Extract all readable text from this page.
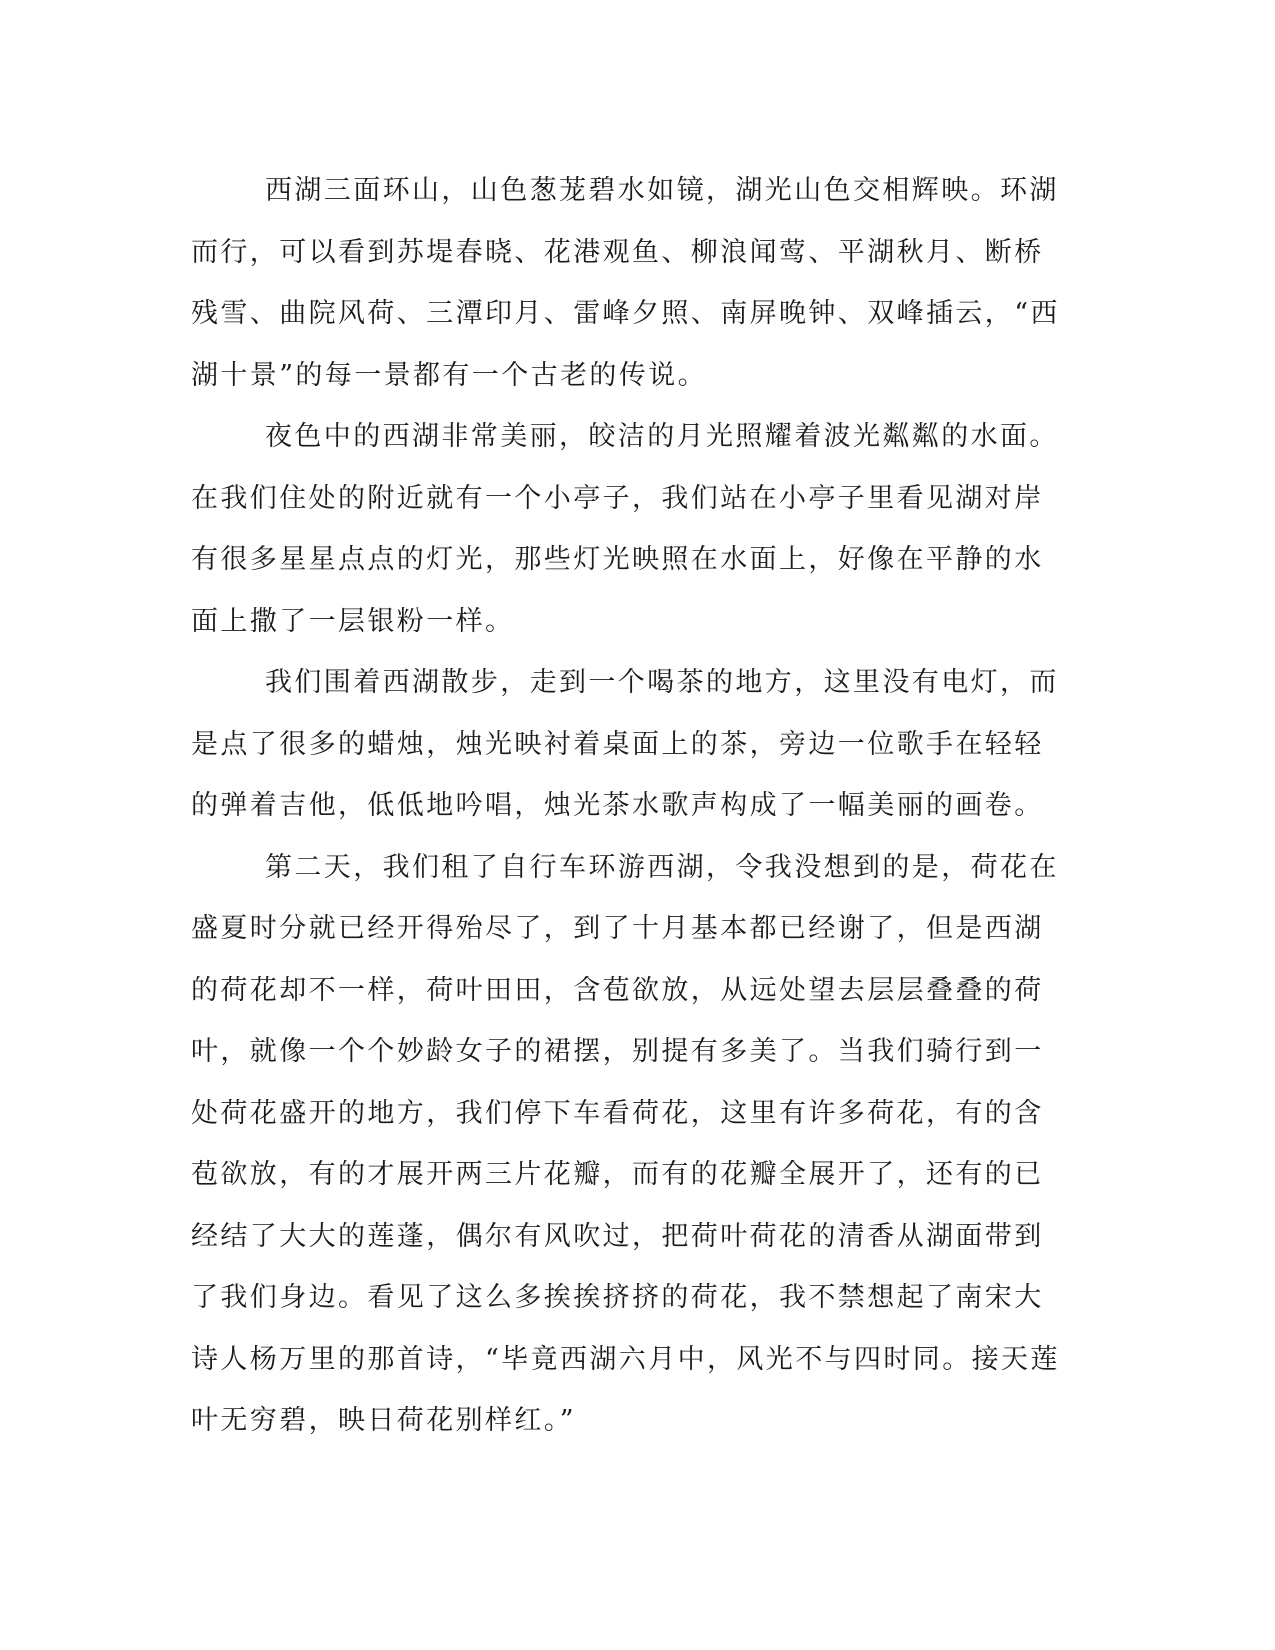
西湖三面环山，山色葱茏碧水如镜，湖光山色交相辉映。环湖而行，可以看到苏堤春晓、花港观鱼、柳浪闻莺、平湖秋月、断桥残雪、曲院风荷、三潭印月、雷峰夕照、南屏晚钟、双峰插云，“西湖十景”的每一景都有一个古老的传说。

夜色中的西湖非常美丽，皎洁的月光照耀着波光粼粼的水面。在我们住处的附近就有一个小亭子，我们站在小亭子里看见湖对岸有很多星星点点的灯光，那些灯光映照在水面上，好像在平静的水面上撒了一层银粉一样。

我们围着西湖散步，走到一个喝茶的地方，这里没有电灯，而是点了很多的蜡烛，烛光映衬着桌面上的茶，旁边一位歌手在轻轻的弹着吉他，低低地吟唱，烛光茶水歌声构成了一幅美丽的画卷。

第二天，我们租了自行车环游西湖，令我没想到的是，荷花在盛夏时分就已经开得殆尽了，到了十月基本都已经谢了，但是西湖的荷花却不一样，荷叶田田，含苞欲放，从远处望去层层叠叠的荷叶，就像一个个妙龄女子的裙摆，别提有多美了。当我们骑行到一处荷花盛开的地方，我们停下车看荷花，这里有许多荷花，有的含苞欲放，有的才展开两三片花瓣，而有的花瓣全展开了，还有的已经结了大大的莲蓬，偶尔有风吹过，把荷叶荷花的清香从湖面带到了我们身边。看见了这么多挨挨挤挤的荷花，我不禁想起了南宋大诗人杨万里的那首诗，“毕竟西湖六月中，风光不与四时同。接天莲叶无穷碧，映日荷花别样红。”
